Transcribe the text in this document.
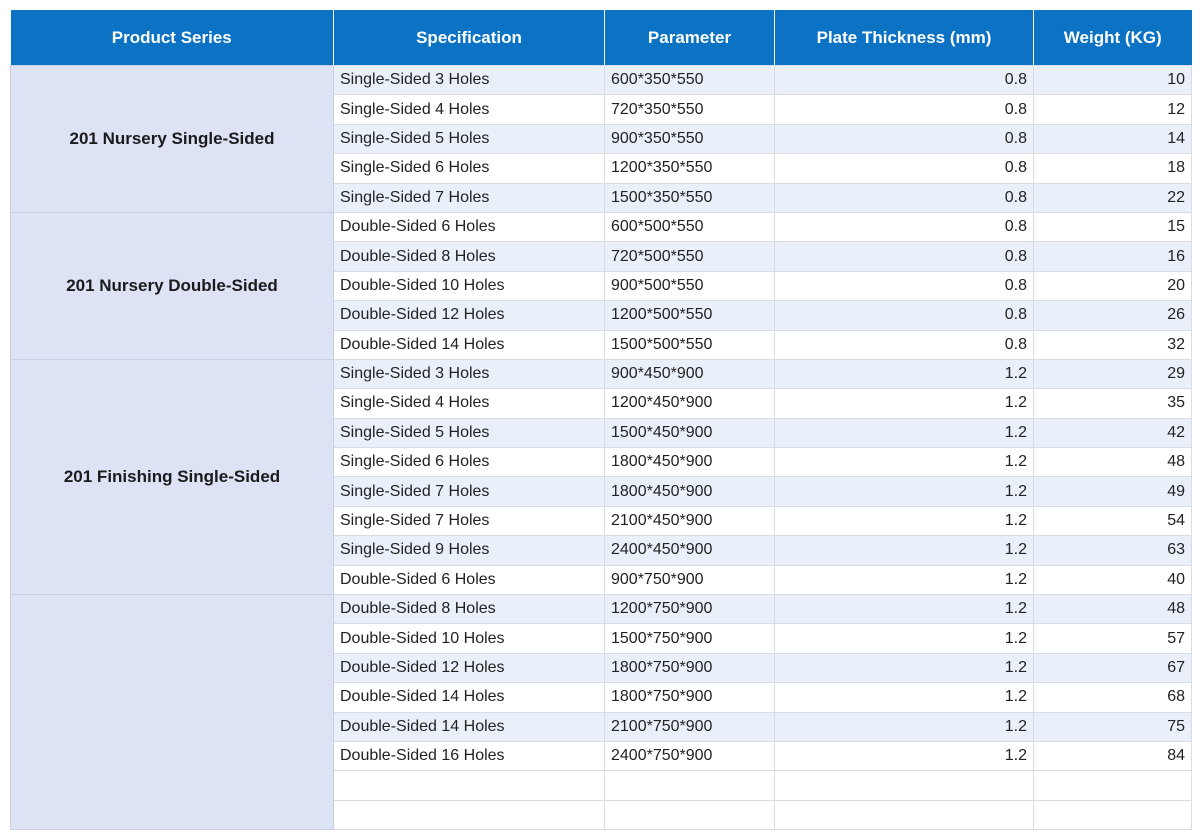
Product Series	Specification	Parameter	Plate Thickness (mm)	Weight (KG)
201 Nursery Single-Sided	Single-Sided 3 Holes	600*350*550	0.8	10
	Single-Sided 4 Holes	720*350*550	0.8	12
	Single-Sided 5 Holes	900*350*550	0.8	14
	Single-Sided 6 Holes	1200*350*550	0.8	18
	Single-Sided 7 Holes	1500*350*550	0.8	22
201 Nursery Double-Sided	Double-Sided 6 Holes	600*500*550	0.8	15
	Double-Sided 8 Holes	720*500*550	0.8	16
	Double-Sided 10 Holes	900*500*550	0.8	20
	Double-Sided 12 Holes	1200*500*550	0.8	26
	Double-Sided 14 Holes	1500*500*550	0.8	32
201 Finishing Single-Sided	Single-Sided 3 Holes	900*450*900	1.2	29
	Single-Sided 4 Holes	1200*450*900	1.2	35
	Single-Sided 5 Holes	1500*450*900	1.2	42
	Single-Sided 6 Holes	1800*450*900	1.2	48
	Single-Sided 7 Holes	1800*450*900	1.2	49
	Single-Sided 7 Holes	2100*450*900	1.2	54
	Single-Sided 9 Holes	2400*450*900	1.2	63
	Double-Sided 6 Holes	900*750*900	1.2	40
	Double-Sided 8 Holes	1200*750*900	1.2	48
	Double-Sided 10 Holes	1500*750*900	1.2	57
	Double-Sided 12 Holes	1800*750*900	1.2	67
	Double-Sided 14 Holes	1800*750*900	1.2	68
	Double-Sided 14 Holes	2100*750*900	1.2	75
	Double-Sided 16 Holes	2400*750*900	1.2	84
